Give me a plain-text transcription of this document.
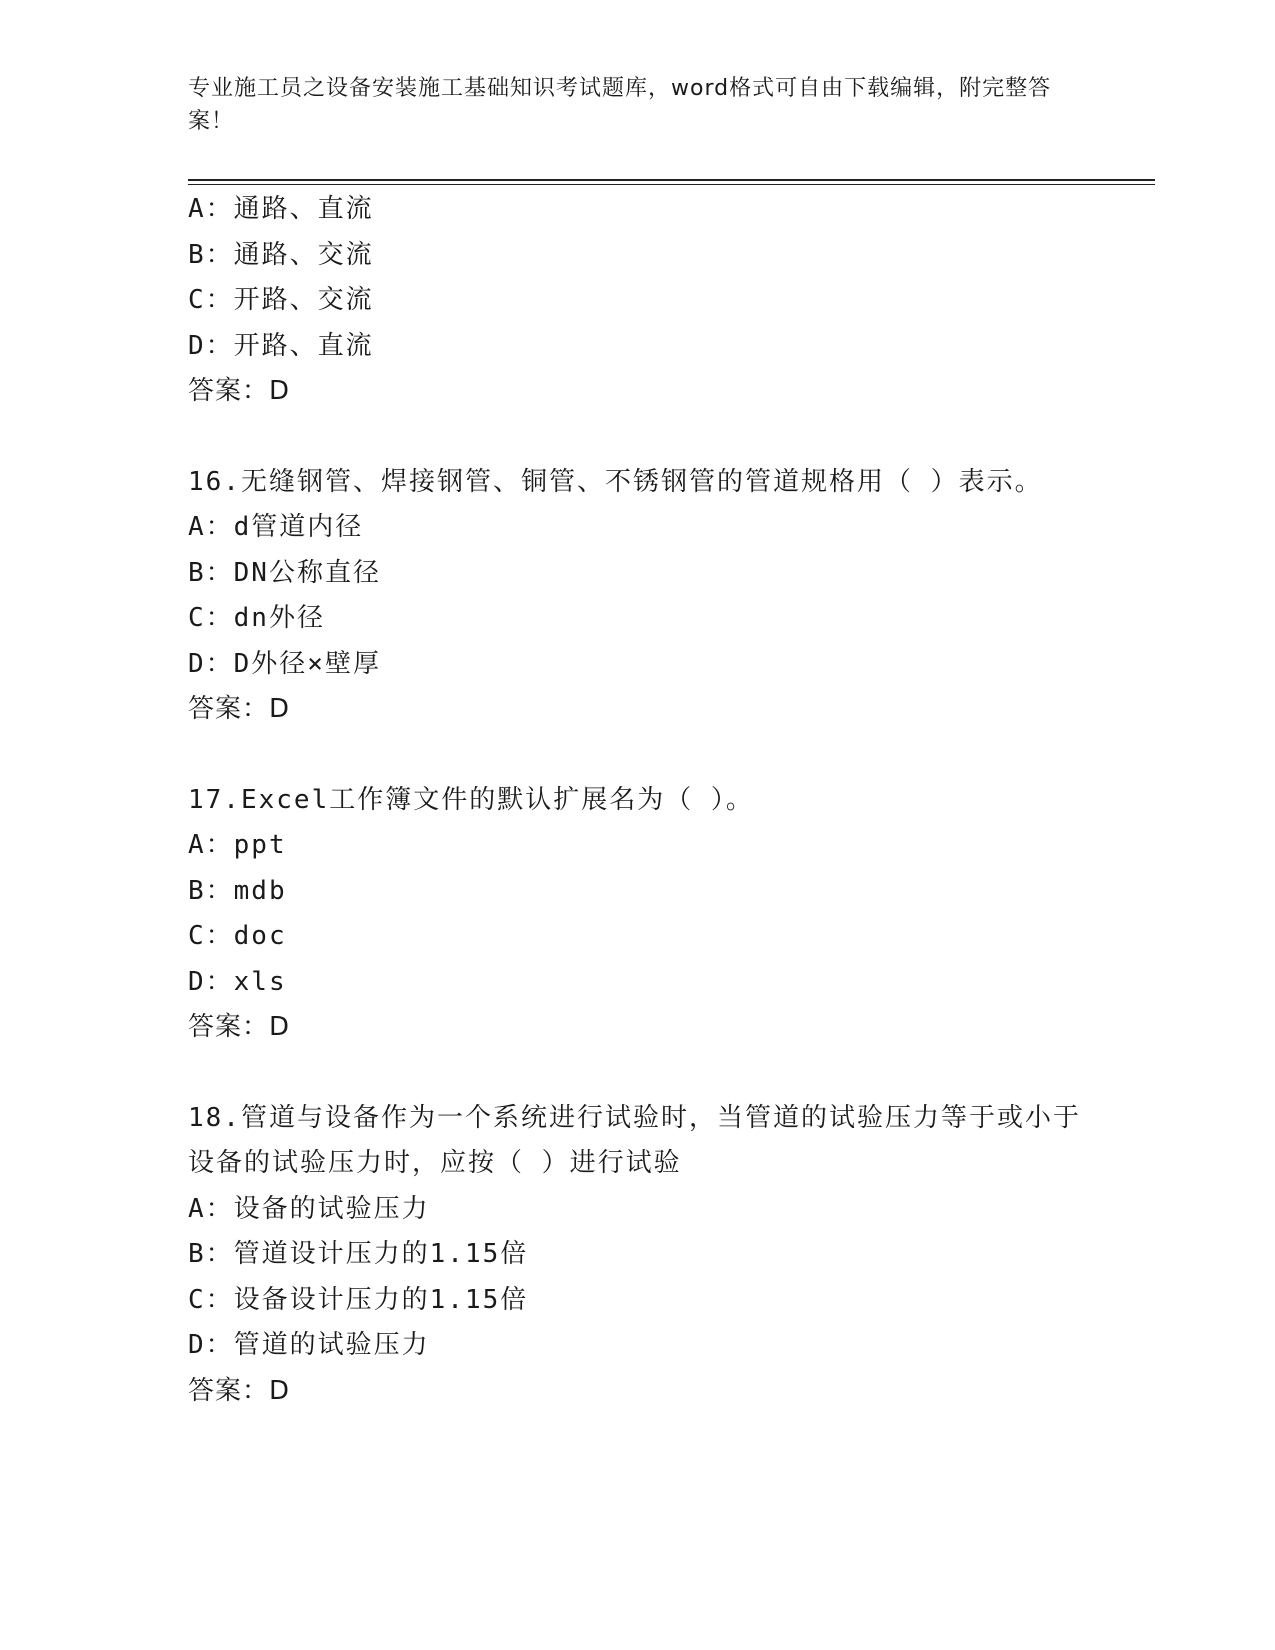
专业施工员之设备安装施工基础知识考试题库，word格式可自由下载编辑，附完整答案！
A：通路、直流
B：通路、交流
C：开路、交流
D：开路、直流
答案：D
16.无缝钢管、焊接钢管、铜管、不锈钢管的管道规格用（ ）表示。
A：d管道内径
B：DN公称直径
C：dn外径
D：D外径×壁厚
答案：D
17.Excel工作簿文件的默认扩展名为（ ）。
A：ppt
B：mdb
C：doc
D：xls
答案：D
18.管道与设备作为一个系统进行试验时，当管道的试验压力等于或小于设备的试验压力时，应按（ ）进行试验
A：设备的试验压力
B：管道设计压力的1.15倍
C：设备设计压力的1.15倍
D：管道的试验压力
答案：D
